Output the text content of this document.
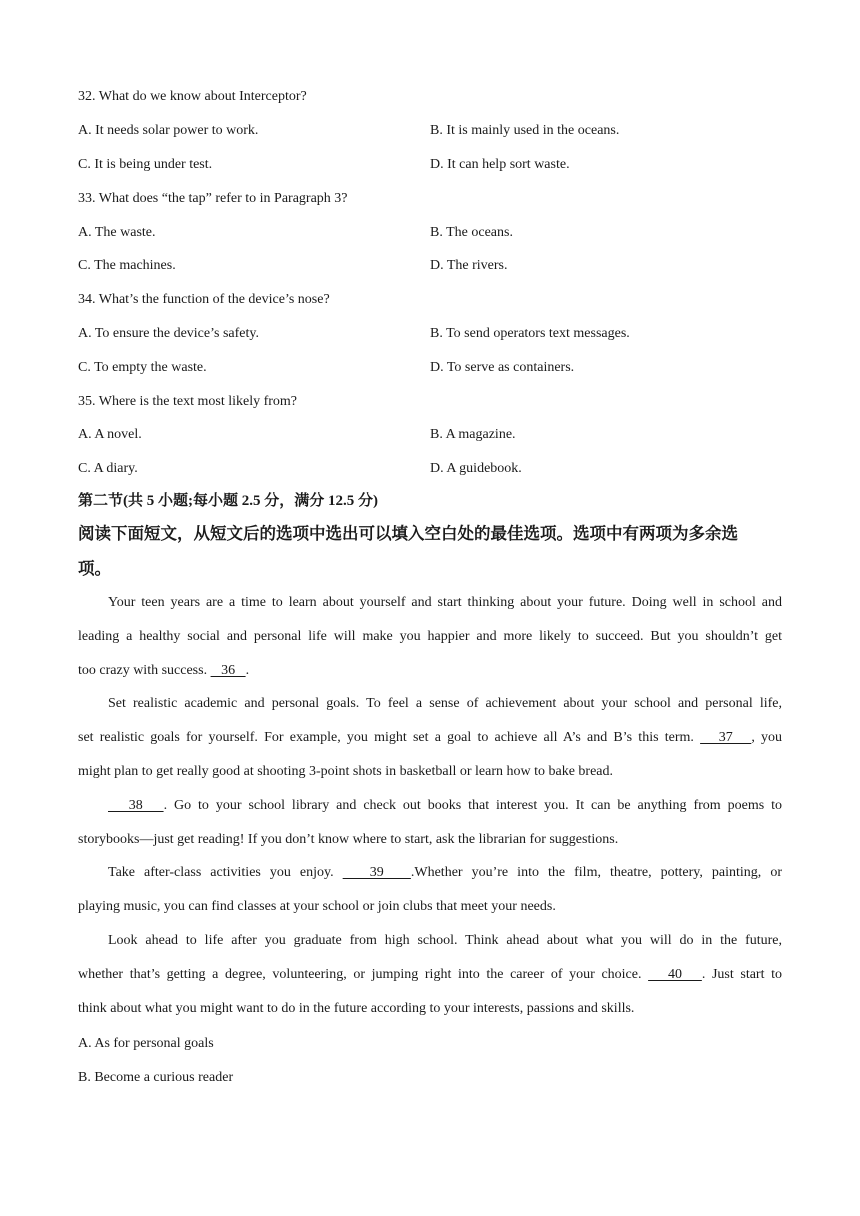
32. What do we know about Interceptor?
A. It needs solar power to work.	B. It is mainly used in the oceans.
C. It is being under test.	D. It can help sort waste.
33. What does “the tap” refer to in Paragraph 3?
A. The waste.	B. The oceans.
C. The machines.	D. The rivers.
34. What’s the function of the device’s nose?
A. To ensure the device’s safety.	B. To send operators text messages.
C. To empty the waste.	D. To serve as containers.
35. Where is the text most likely from?
A. A novel.	B. A magazine.
C. A diary.	D. A guidebook.
第二节(共 5 小题;每小题 2.5 分，满分 12.5 分)
阅读下面短文，从短文后的选项中选出可以填入空白处的最佳选项。选项中有两项为多余选
项。
Your teen years are a time to learn about yourself and start thinking about your future. Doing well in school and
leading a healthy social and personal life will make you happier and more likely to succeed. But you shouldn’t get
too crazy with success.    36   .
Set realistic academic and personal goals. To feel a sense of achievement about your school and personal life,
set realistic goals for yourself. For example, you might set a goal to achieve all A’s and B’s this term.    37   , you
might plan to get really good at shooting 3-point shots in basketball or learn how to bake bread.
38   . Go to your school library and check out books that interest you. It can be anything from poems to
storybooks—just get reading! If you don’t know where to start, ask the librarian for suggestions.
Take after-class activities you enjoy.    39   .Whether you’re into the film, theatre, pottery, painting, or
playing music, you can find classes at your school or join clubs that meet your needs.
Look ahead to life after you graduate from high school. Think ahead about what you will do in the future,
whether that’s getting a degree, volunteering, or jumping right into the career of your choice.    40   . Just start to
think about what you might want to do in the future according to your interests, passions and skills.
A. As for personal goals
B. Become a curious reader
